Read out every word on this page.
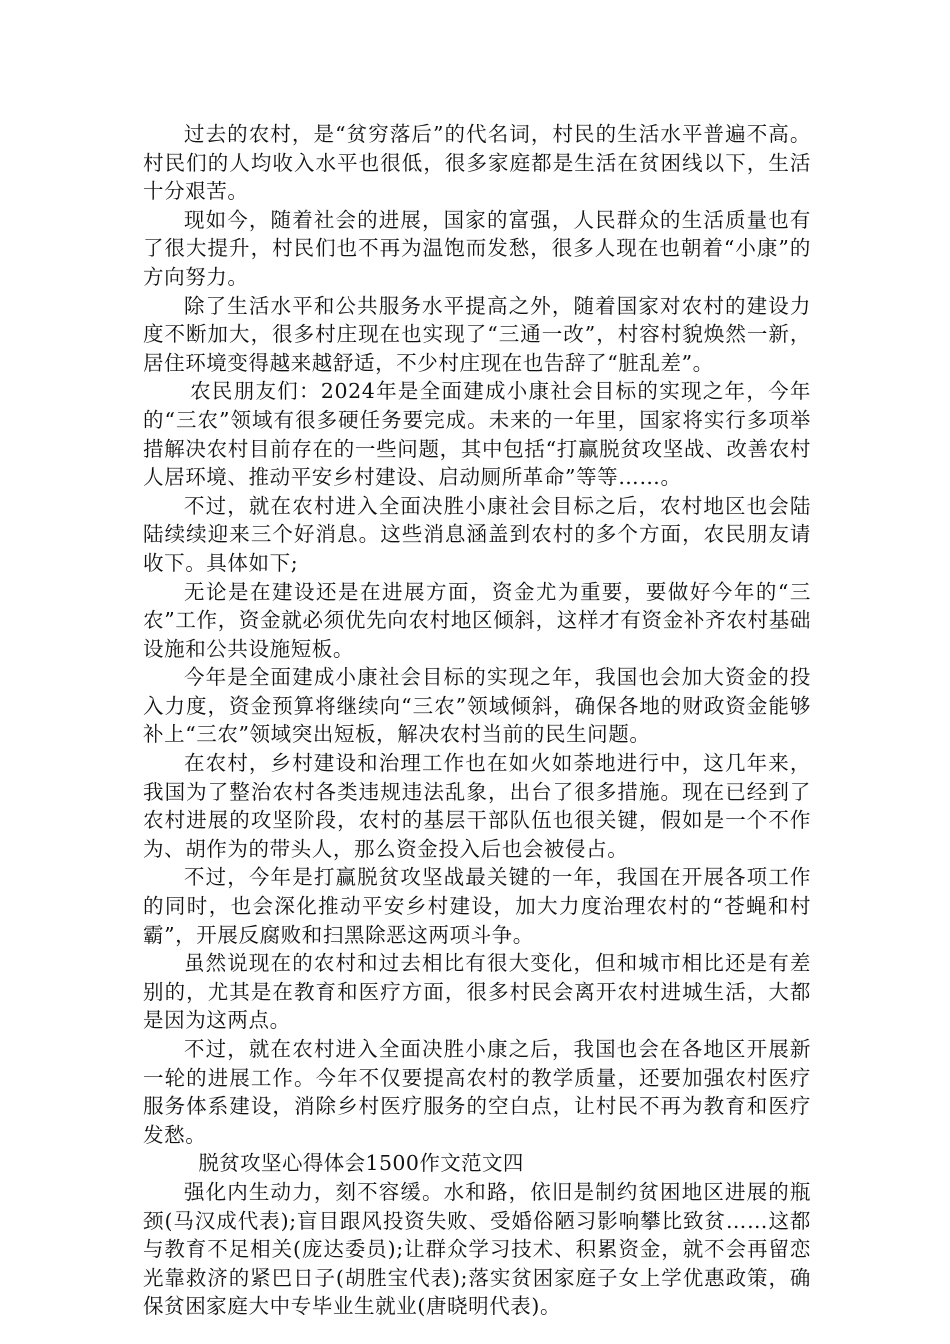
过去的农村，是“贫穷落后”的代名词，村民的生活水平普遍不高。村民们的人均收入水平也很低，很多家庭都是生活在贫困线以下，生活十分艰苦。

现如今，随着社会的进展，国家的富强，人民群众的生活质量也有了很大提升，村民们也不再为温饱而发愁，很多人现在也朝着“小康”的方向努力。

除了生活水平和公共服务水平提高之外，随着国家对农村的建设力度不断加大，很多村庄现在也实现了“三通一改”，村容村貌焕然一新，居住环境变得越来越舒适，不少村庄现在也告辞了“脏乱差”。

农民朋友们：2024年是全面建成小康社会目标的实现之年，今年的“三农”领域有很多硬任务要完成。未来的一年里，国家将实行多项举措解决农村目前存在的一些问题，其中包括“打赢脱贫攻坚战、改善农村人居环境、推动平安乡村建设、启动厕所革命”等等……。

不过，就在农村进入全面决胜小康社会目标之后，农村地区也会陆陆续续迎来三个好消息。这些消息涵盖到农村的多个方面，农民朋友请收下。具体如下;

无论是在建设还是在进展方面，资金尤为重要，要做好今年的“三农”工作，资金就必须优先向农村地区倾斜，这样才有资金补齐农村基础设施和公共设施短板。

今年是全面建成小康社会目标的实现之年，我国也会加大资金的投入力度，资金预算将继续向“三农”领域倾斜，确保各地的财政资金能够补上“三农”领域突出短板，解决农村当前的民生问题。

在农村，乡村建设和治理工作也在如火如荼地进行中，这几年来，我国为了整治农村各类违规违法乱象，出台了很多措施。现在已经到了农村进展的攻坚阶段，农村的基层干部队伍也很关键，假如是一个不作为、胡作为的带头人，那么资金投入后也会被侵占。

不过，今年是打赢脱贫攻坚战最关键的一年，我国在开展各项工作的同时，也会深化推动平安乡村建设，加大力度治理农村的“苍蝇和村霸”，开展反腐败和扫黑除恶这两项斗争。

虽然说现在的农村和过去相比有很大变化，但和城市相比还是有差别的，尤其是在教育和医疗方面，很多村民会离开农村进城生活，大都是因为这两点。

不过，就在农村进入全面决胜小康之后，我国也会在各地区开展新一轮的进展工作。今年不仅要提高农村的教学质量，还要加强农村医疗服务体系建设，消除乡村医疗服务的空白点，让村民不再为教育和医疗发愁。

脱贫攻坚心得体会1500作文范文四

强化内生动力，刻不容缓。水和路，依旧是制约贫困地区进展的瓶颈(马汉成代表);盲目跟风投资失败、受婚俗陋习影响攀比致贫……这都与教育不足相关(庞达委员);让群众学习技术、积累资金，就不会再留恋光靠救济的紧巴日子(胡胜宝代表);落实贫困家庭子女上学优惠政策，确保贫困家庭大中专毕业生就业(唐晓明代表)。
